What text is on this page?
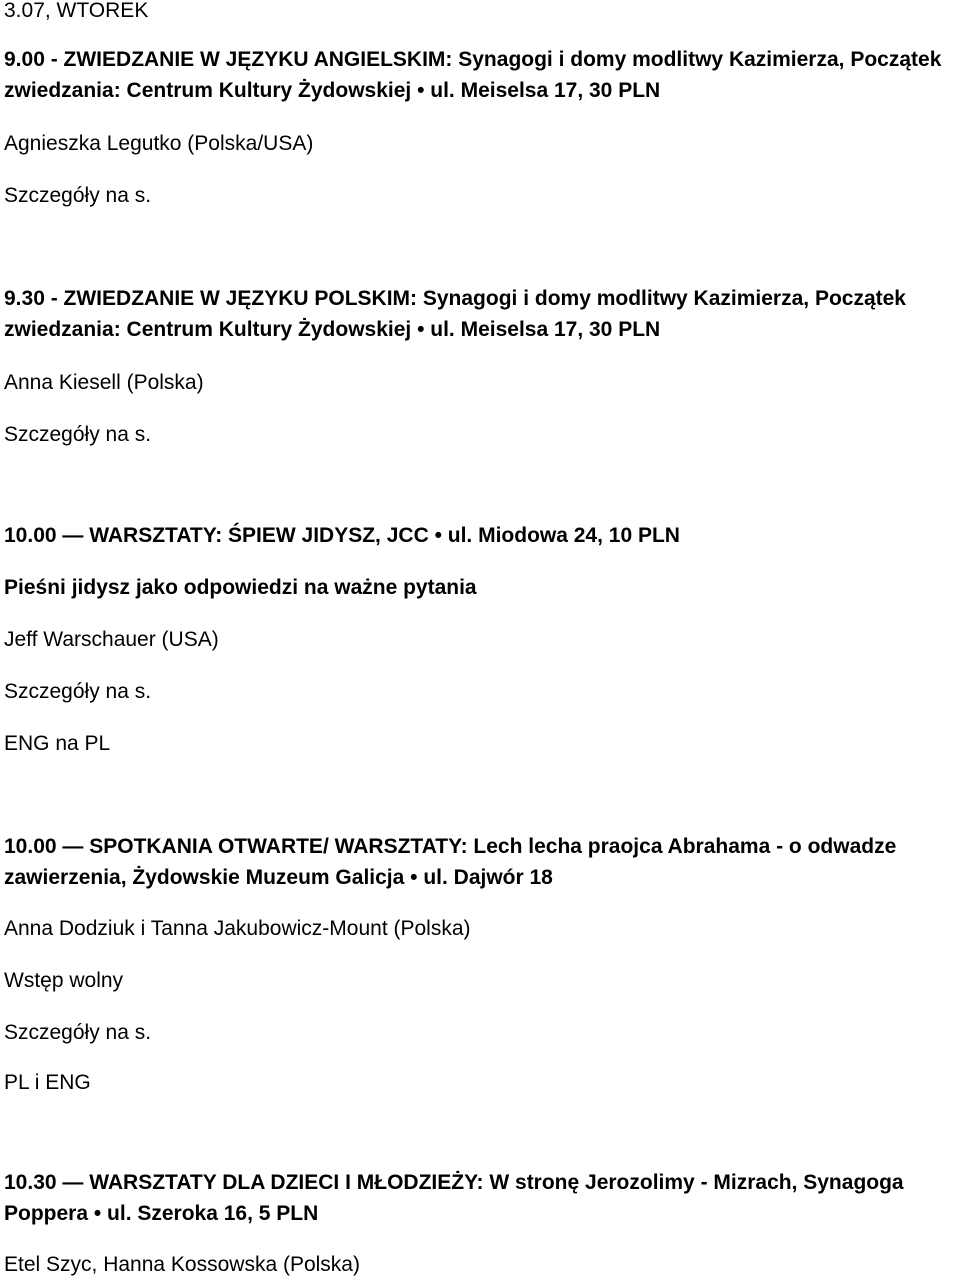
3.07, WTOREK
9.00 - ZWIEDZANIE W JĘZYKU ANGIELSKIM: Synagogi i domy modlitwy Kazimierza, Początek
zwiedzania: Centrum Kultury Żydowskiej • ul. Meiselsa 17, 30 PLN
Agnieszka Legutko (Polska/USA)
Szczegóły na s.
9.30 - ZWIEDZANIE W JĘZYKU POLSKIM: Synagogi i domy modlitwy Kazimierza, Początek
zwiedzania: Centrum Kultury Żydowskiej • ul. Meiselsa 17, 30 PLN
Anna Kiesell (Polska)
Szczegóły na s.
10.00 — WARSZTATY: ŚPIEW JIDYSZ, JCC • ul. Miodowa 24, 10 PLN
Pieśni jidysz jako odpowiedzi na ważne pytania
Jeff Warschauer (USA)
Szczegóły na s.
ENG na PL
10.00 — SPOTKANIA OTWARTE/ WARSZTATY: Lech lecha praojca Abrahama - o odwadze
zawierzenia, Żydowskie Muzeum Galicja • ul. Dajwór 18
Anna Dodziuk i Tanna Jakubowicz-Mount (Polska)
Wstęp wolny
Szczegóły na s.
PL i ENG
10.30 — WARSZTATY DLA DZIECI I MŁODZIEŻY: W stronę Jerozolimy - Mizrach, Synagoga
Poppera • ul. Szeroka 16, 5 PLN
Etel Szyc, Hanna Kossowska (Polska)
